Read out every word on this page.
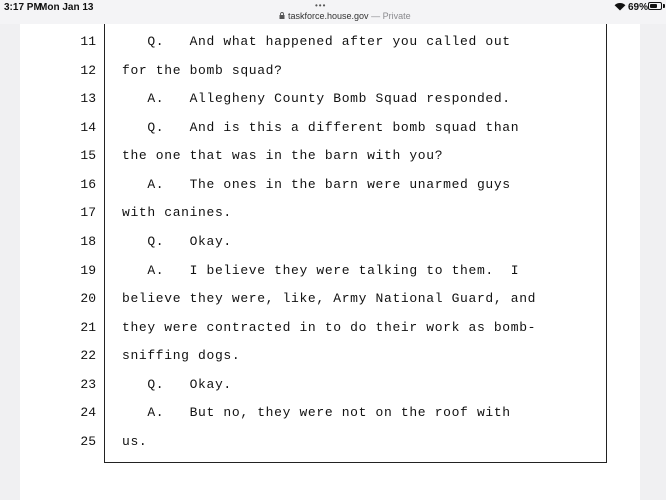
3:17 PM
Mon Jan 13	•••
taskforce.house.gov — Private
69%
11 Q.   And what happened after you called out
12 for the bomb squad?
13 A.   Allegheny County Bomb Squad responded.
14 Q.   And is this a different bomb squad than
15 the one that was in the barn with you?
16 A.   The ones in the barn were unarmed guys
17 with canines.
18 Q.   Okay.
19 A.   I believe they were talking to them.  I
20 believe they were, like, Army National Guard, and
21 they were contracted in to do their work as bomb-
22 sniffing dogs.
23 Q.   Okay.
24 A.   But no, they were not on the roof with
25 us.
